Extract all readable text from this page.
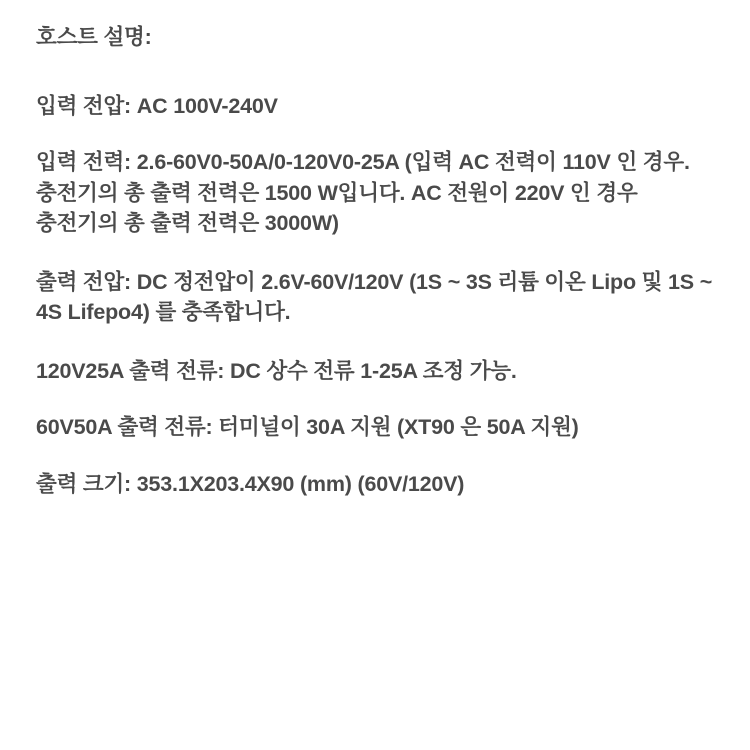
호스트 설명:

입력 전압: AC 100V-240V

입력 전력: 2.6-60V0-50A/0-120V0-25A (입력 AC 전력이 110V 인 경우. 충전기의 총 출력 전력은 1500 W입니다. AC 전원이 220V 인 경우 충전기의 총 출력 전력은 3000W)

출력 전압: DC 정전압이 2.6V-60V/120V (1S ~ 3S 리튬 이온 Lipo 및 1S ~ 4S Lifepo4) 를 충족합니다.

120V25A 출력 전류: DC 상수 전류 1-25A 조정 가능.

60V50A 출력 전류: 터미널이 30A 지원 (XT90 은 50A 지원)

출력 크기: 353.1X203.4X90 (mm) (60V/120V)
